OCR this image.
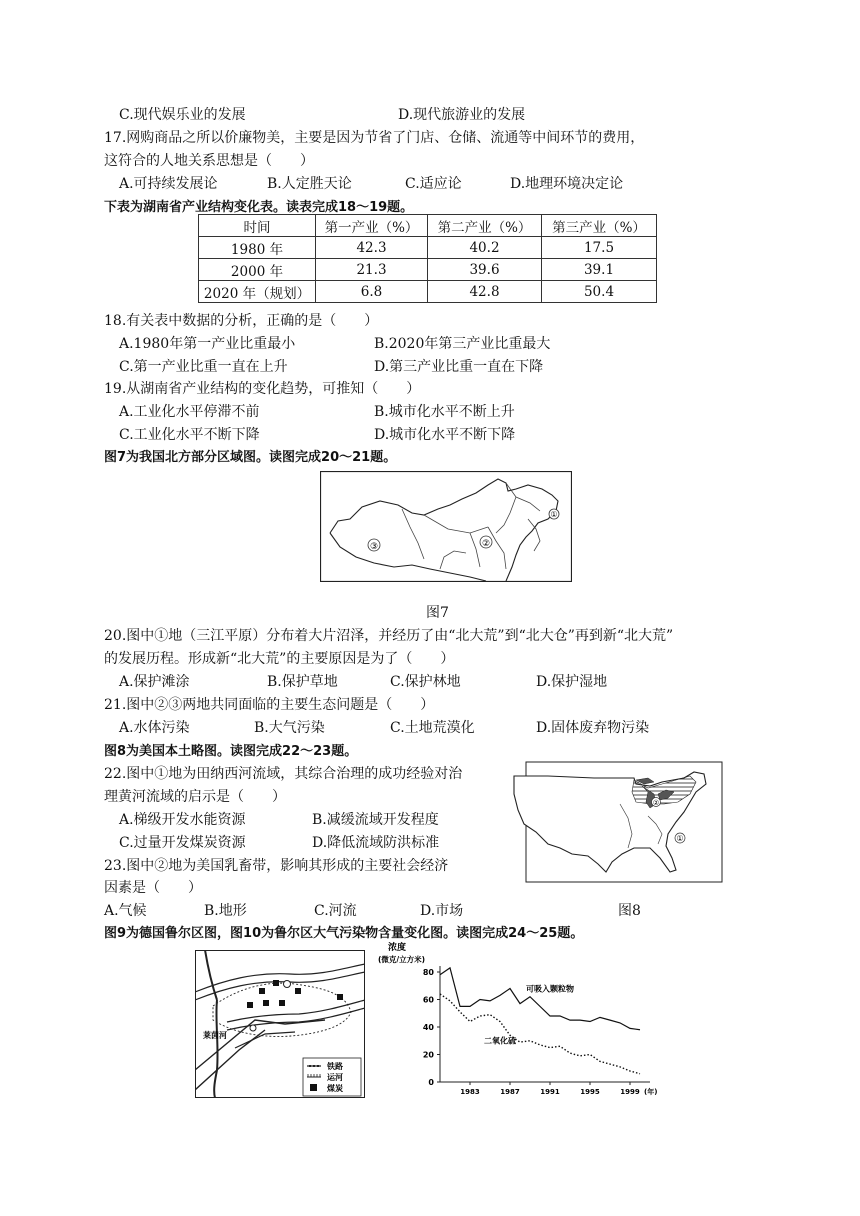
C.现代娱乐业的发展	D.现代旅游业的发展
17.网购商品之所以价廉物美，主要是因为节省了门店、仓储、流通等中间环节的费用，
这符合的人地关系思想是（　　）
A.可持续发展论	B.人定胜天论	C.适应论	D.地理环境决定论
下表为湖南省产业结构变化表。读表完成18～19题。
时间	第一产业（%）	第二产业（%）	第三产业（%）
1980 年	42.3	40.2	17.5
2000 年	21.3	39.6	39.1
2020 年（规划）	6.8	42.8	50.4
18.有关表中数据的分析，正确的是（　　）
A.1980年第一产业比重最小	B.2020年第三产业比重最大
C.第一产业比重一直在上升	D.第三产业比重一直在下降
19.从湖南省产业结构的变化趋势，可推知（　　）
A.工业化水平停滞不前	B.城市化水平不断上升
C.工业化水平不断下降	D.城市化水平不断下降
图7为我国北方部分区域图。读图完成20～21题。
③	②
①
图7
20.图中①地（三江平原）分布着大片沼泽，并经历了由“北大荒”到“北大仓”再到新“北大荒”
的发展历程。形成新“北大荒”的主要原因是为了（　　）
A.保护滩涂	B.保护草地	C.保护林地	D.保护湿地
21.图中②③两地共同面临的主要生态问题是（　　）
A.水体污染	B.大气污染	C.土地荒漠化	D.固体废弃物污染
图8为美国本土略图。读图完成22～23题。
22.图中①地为田纳西河流域，其综合治理的成功经验对治
理黄河流域的启示是（　　）
A.梯级开发水能资源	B.减缓流域开发程度
C.过量开发煤炭资源	D.降低流域防洪标准
23.图中②地为美国乳畜带，影响其形成的主要社会经济
因素是（　　）
A.气候	B.地形	C.河流	D.市场
①
②
图8
图9为德国鲁尔区图，图10为鲁尔区大气污染物含量变化图。读图完成24～25题。
莱茵河
铁路
运河
煤炭
浓度
(微克/立方米)
0
20
40
60
80
1983	1987	1991	1995	1999 (年)
可吸入颗粒物
二氧化硫
